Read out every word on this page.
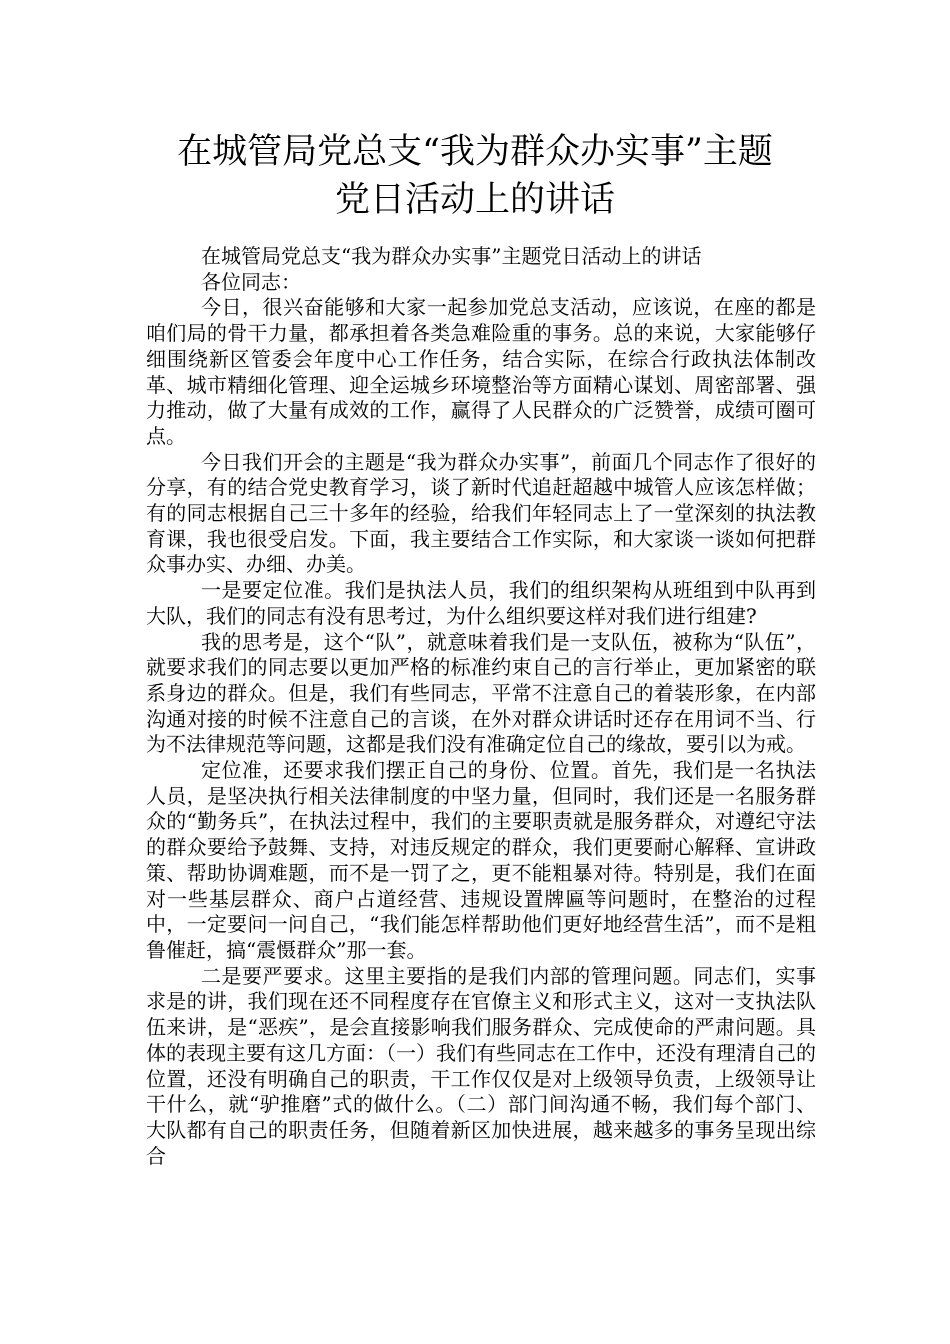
在城管局党总支“我为群众办实事”主题
党日活动上的讲话

在城管局党总支“我为群众办实事”主题党日活动上的讲话

各位同志：

今日，很兴奋能够和大家一起参加党总支活动，应该说，在座的都是咱们局的骨干力量，都承担着各类急难险重的事务。总的来说，大家能够仔细围绕新区管委会年度中心工作任务，结合实际，在综合行政执法体制改革、城市精细化管理、迎全运城乡环境整治等方面精心谋划、周密部署、强力推动，做了大量有成效的工作，赢得了人民群众的广泛赞誉，成绩可圈可点。

今日我们开会的主题是“我为群众办实事”，前面几个同志作了很好的分享，有的结合党史教育学习，谈了新时代追赶超越中城管人应该怎样做；有的同志根据自己三十多年的经验，给我们年轻同志上了一堂深刻的执法教育课，我也很受启发。下面，我主要结合工作实际，和大家谈一谈如何把群众事办实、办细、办美。

一是要定位准。我们是执法人员，我们的组织架构从班组到中队再到大队，我们的同志有没有思考过，为什么组织要这样对我们进行组建?

我的思考是，这个“队”，就意味着我们是一支队伍，被称为“队伍”，就要求我们的同志要以更加严格的标准约束自己的言行举止，更加紧密的联系身边的群众。但是，我们有些同志，平常不注意自己的着装形象，在内部沟通对接的时候不注意自己的言谈，在外对群众讲话时还存在用词不当、行为不法律规范等问题，这都是我们没有准确定位自己的缘故，要引以为戒。

定位准，还要求我们摆正自己的身份、位置。首先，我们是一名执法人员，是坚决执行相关法律制度的中坚力量，但同时，我们还是一名服务群众的“勤务兵”，在执法过程中，我们的主要职责就是服务群众，对遵纪守法的群众要给予鼓舞、支持，对违反规定的群众，我们更要耐心解释、宣讲政策、帮助协调难题，而不是一罚了之，更不能粗暴对待。特别是，我们在面对一些基层群众、商户占道经营、违规设置牌匾等问题时，在整治的过程中，一定要问一问自己，“我们能怎样帮助他们更好地经营生活”，而不是粗鲁催赶，搞“震慑群众”那一套。

二是要严要求。这里主要指的是我们内部的管理问题。同志们，实事求是的讲，我们现在还不同程度存在官僚主义和形式主义，这对一支执法队伍来讲，是“恶疾”，是会直接影响我们服务群众、完成使命的严肃问题。具体的表现主要有这几方面：（一）我们有些同志在工作中，还没有理清自己的位置，还没有明确自己的职责，干工作仅仅是对上级领导负责，上级领导让干什么，就“驴推磨”式的做什么。（二）部门间沟通不畅，我们每个部门、大队都有自己的职责任务，但随着新区加快进展，越来越多的事务呈现出综合
